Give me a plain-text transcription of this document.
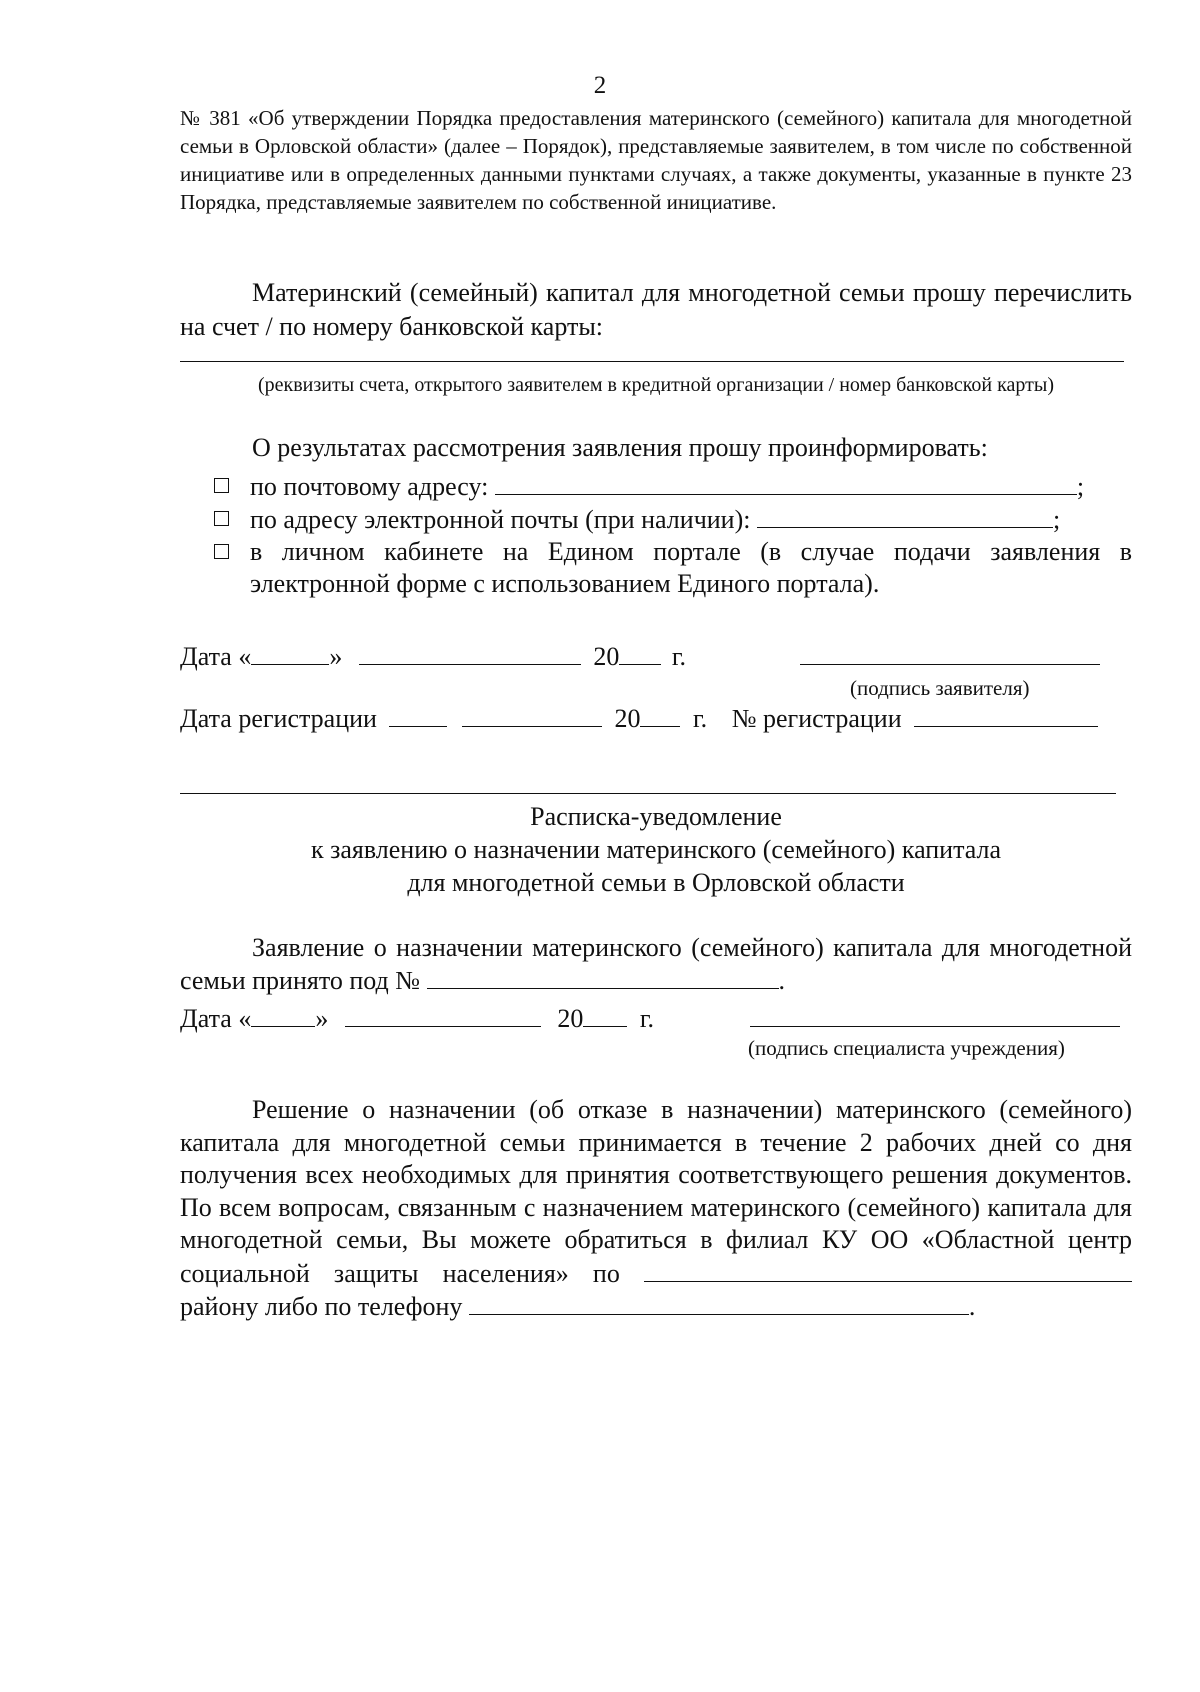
2
№ 381 «Об утверждении Порядка предоставления материнского (семейного) капитала для многодетной семьи в Орловской области» (далее – Порядок), представляемые заявителем, в том числе по собственной инициативе или в определенных данными пунктами случаях, а также документы, указанные в пункте 23 Порядка, представляемые заявителем по собственной инициативе.
Материнский (семейный) капитал для многодетной семьи прошу перечислить на счет / по номеру банковской карты:
(реквизиты счета, открытого заявителем в кредитной организации / номер банковской карты)
О результатах рассмотрения заявления прошу проинформировать:
по почтовому адресу:	;
по адресу электронной почты (при наличии):	;
в личном кабинете на Едином портале (в случае подачи заявления в электронной форме с использованием Единого портала).
Дата «	»	20 г.
(подпись заявителя)
Дата регистрации	20 г. № регистрации
Расписка-уведомление
к заявлению о назначении материнского (семейного) капитала
для многодетной семьи в Орловской области
Заявление о назначении материнского (семейного) капитала для многодетной семьи принято под №	.
Дата « »	20 г.
(подпись специалиста учреждения)
Решение о назначении (об отказе в назначении) материнского (семейного) капитала для многодетной семьи принимается в течение 2 рабочих дней со дня получения всех необходимых для принятия соответствующего решения документов. По всем вопросам, связанным с назначением материнского (семейного) капитала для многодетной семьи, Вы можете обратиться в филиал КУ ОО «Областной центр социальной защиты населения» по  району либо по телефону	.
